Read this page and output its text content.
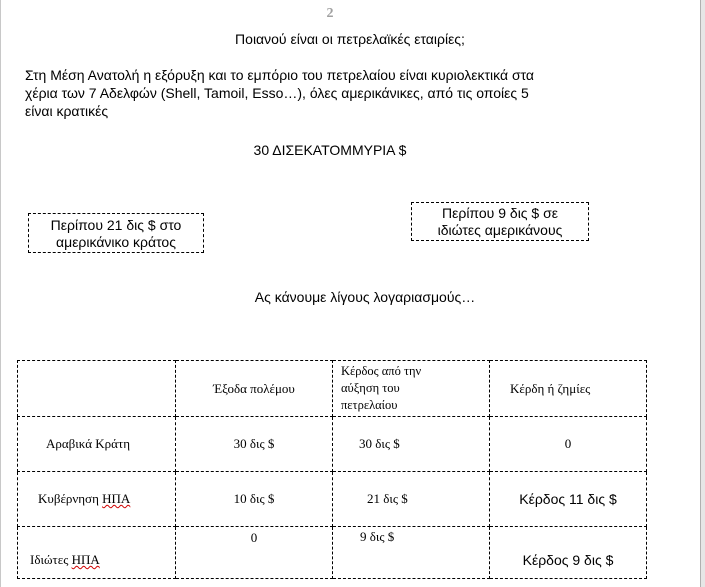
2
Ποιανού είναι οι πετρελαϊκές εταιρίες;
Στη Μέση Ανατολή η εξόρυξη και το εμπόριο του πετρελαίου είναι κυριολεκτικά στα
χέρια των 7 Αδελφών (Shell, Tamoil, Esso…), όλες αμερικάνικες, από τις οποίες 5
είναι κρατικές
30 ΔΙΣΕΚΑΤΟΜΜΥΡΙΑ $
Περίπου 21 δις $ στο
αμερικάνικο κράτος
Περίπου 9 δις $ σε
ιδιώτες αμερικάνους
Ας κάνουμε λίγους λογαριασμούς…
	Έξοδα πολέμου	Κέρδος από την
αύξηση του
πετρελαίου	Κέρδη ή ζημίες
Αραβικά Κράτη	30 δις $	30 δις $	0
Κυβέρνηση ΗΠΑ	10 δις $	21 δις $	Κέρδος 11 δις $
Ιδιώτες ΗΠΑ	0	9 δις $	Κέρδος 9 δις $
